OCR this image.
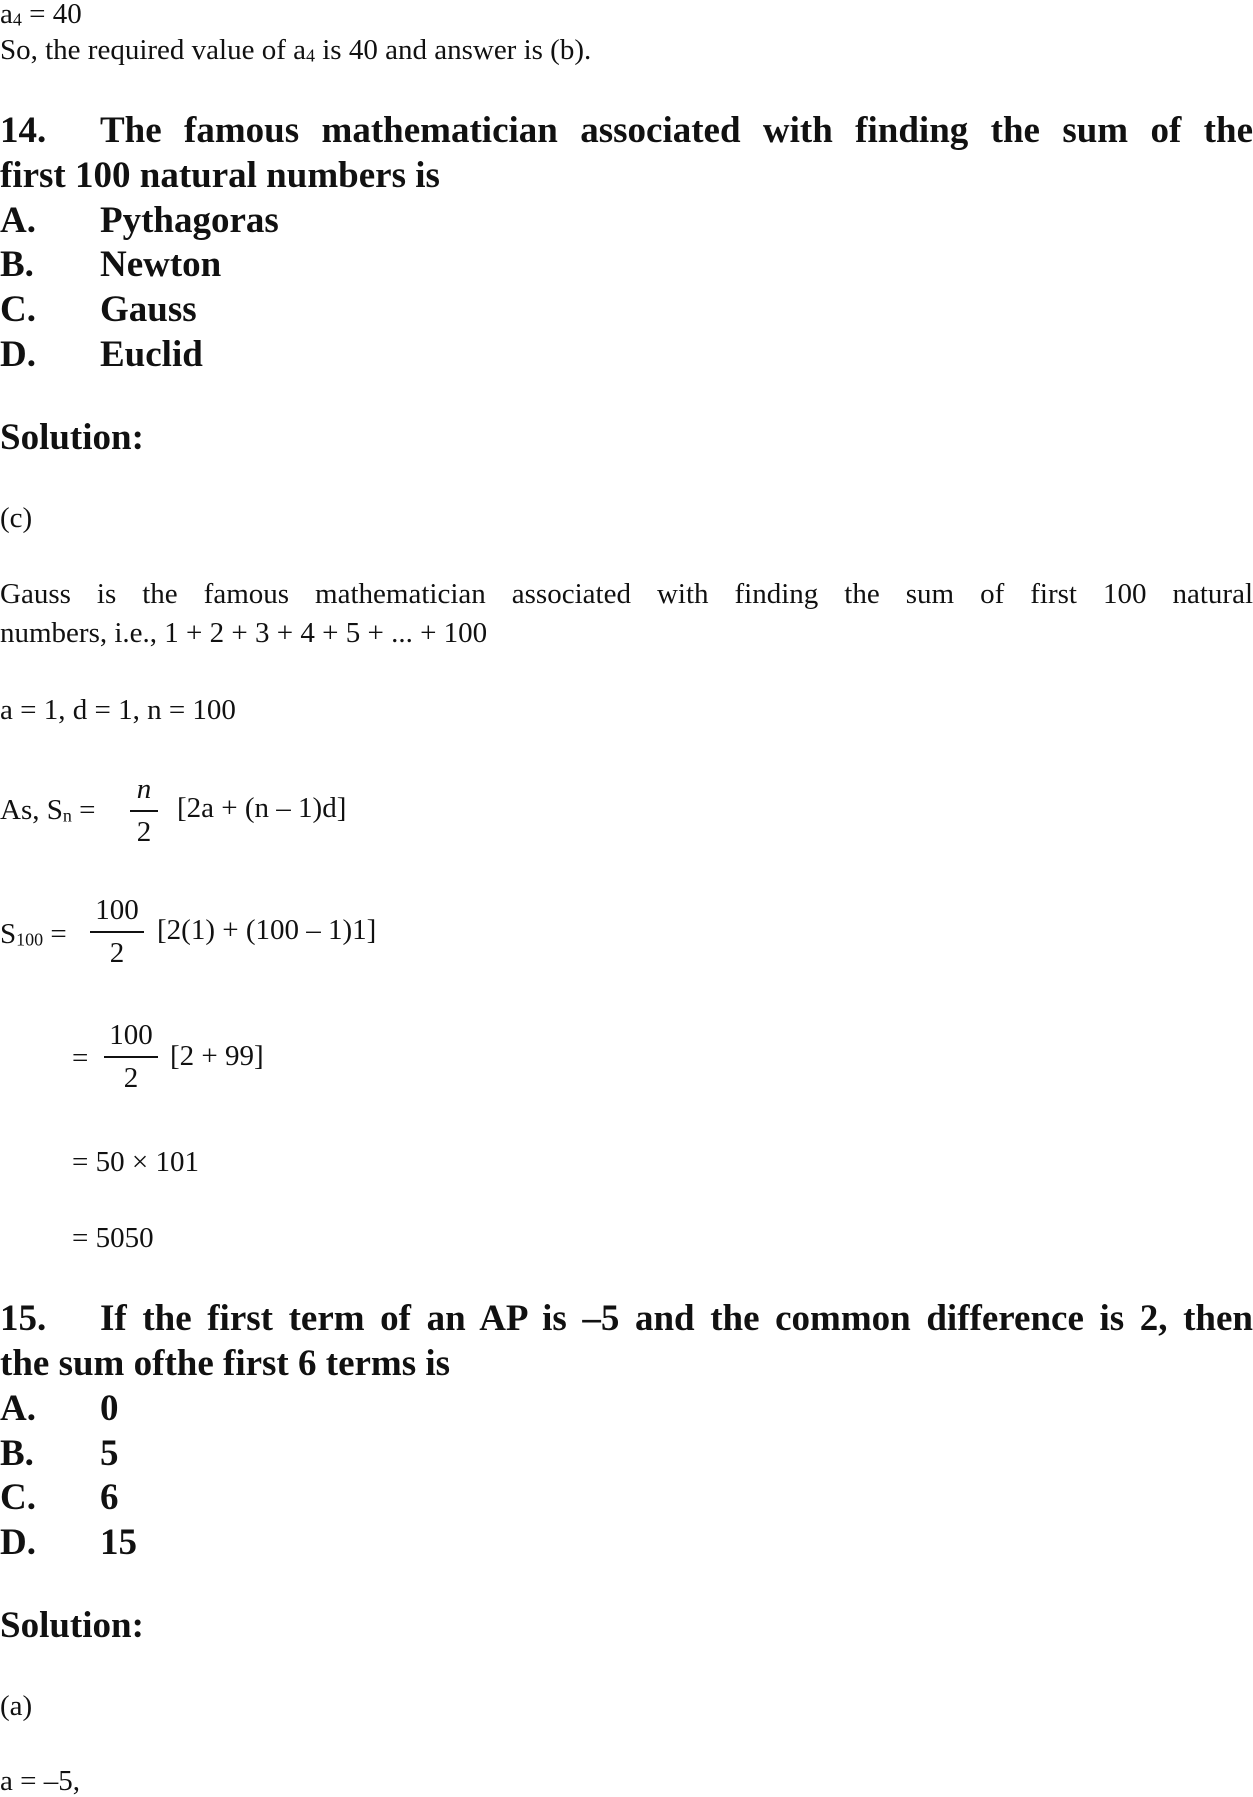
$a_4 = 40$
So, the required value of $a_4$ is 40 and answer is (b).
14. The famous mathematician associated with finding the sum of the
first 100 natural numbers is
A. Pythagoras
B. Newton
C. Gauss
D. Euclid
Solution:
(c)
Gauss is the famous mathematician associated with finding the sum of first 100 natural
numbers, i.e., 1 + 2 + 3 + 4 + 5 + ... + 100
a = 1, d = 1, n = 100
As, $S_n$ =
n
2
[2a + (n – 1)d]
$S_{100}$ =
100
2
[2(1) + (100 – 1)1]
=
100
2
[2 + 99]
= 50 × 101
= 5050
15. If the first term of an AP is –5 and the common difference is 2, then
the sum ofthe first 6 terms is
A. 0
B. 5
C. 6
D. 15
Solution:
(a)
a = –5,
